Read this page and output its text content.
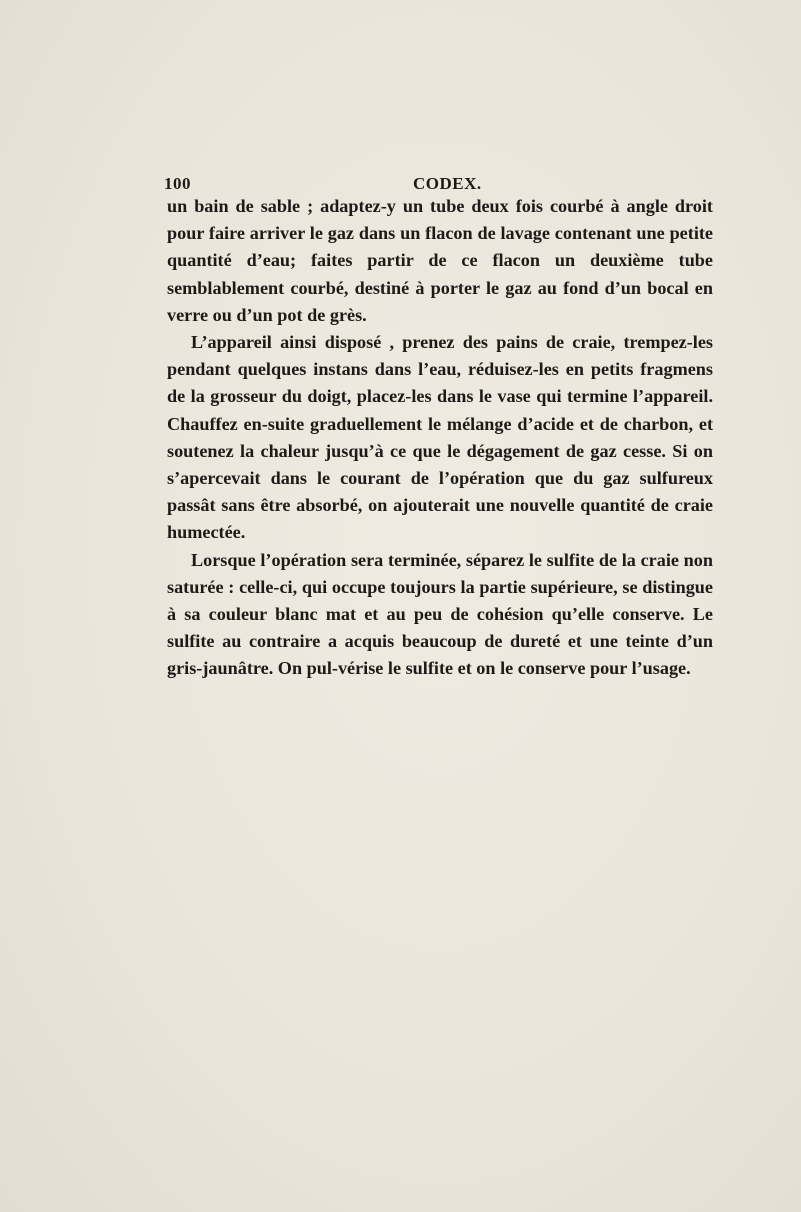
100	CODEX.

un bain de sable ; adaptez-y un tube deux fois courbé à angle droit pour faire arriver le gaz dans un flacon de lavage contenant une petite quantité d’eau; faites partir de ce flacon un deuxième tube semblablement courbé, destiné à porter le gaz au fond d’un bocal en verre ou d’un pot de grès.

L’appareil ainsi disposé , prenez des pains de craie, trempez-les pendant quelques instans dans l’eau, réduisez-les en petits fragmens de la grosseur du doigt, placez-les dans le vase qui termine l’appareil. Chauffez en-suite graduellement le mélange d’acide et de charbon, et soutenez la chaleur jusqu’à ce que le dégagement de gaz cesse. Si on s’apercevait dans le courant de l’opération que du gaz sulfureux passât sans être absorbé, on ajouterait une nouvelle quantité de craie humectée.

Lorsque l’opération sera terminée, séparez le sulfite de la craie non saturée : celle-ci, qui occupe toujours la partie supérieure, se distingue à sa couleur blanc mat et au peu de cohésion qu’elle conserve. Le sulfite au contraire a acquis beaucoup de dureté et une teinte d’un gris-jaunâtre. On pul-vérise le sulfite et on le conserve pour l’usage.
